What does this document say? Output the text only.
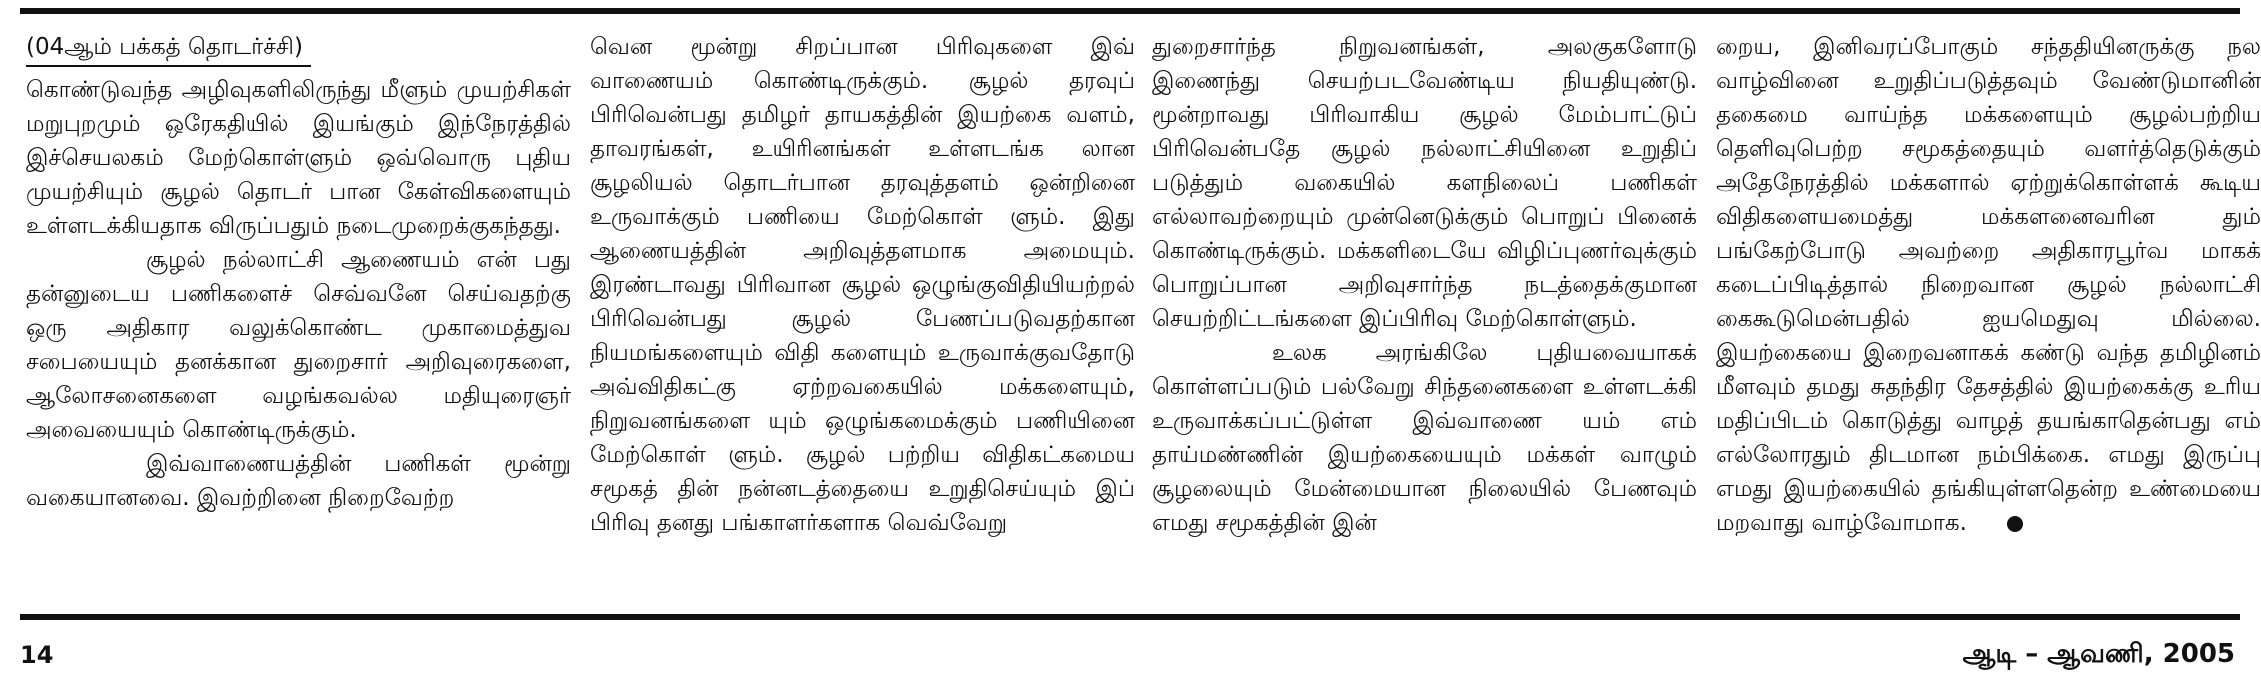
(04ஆம் பக்கத் தொடர்ச்சி)

கொண்டுவந்த அழிவுகளிலிருந்து மீளும் முயற்சிகள் மறுபுறமும் ஒரேகதியில் இயங்கும் இந்நேரத்தில் இச்செயலகம் மேற்கொள்ளும் ஒவ்வொரு புதிய முயற்சியும் சூழல் தொடர் பான கேள்விகளையும் உள்ளடக்கியதாக விருப்பதும் நடைமுறைக்குகந்தது.

சூழல் நல்லாட்சி ஆணையம் என் பது தன்னுடைய பணிகளைச் செவ்வனே செய்வதற்கு ஒரு அதிகார வலுக்கொண்ட முகாமைத்துவ சபையையும் தனக்கான துறைசார் அறிவுரைகளை, ஆலோசனைகளை வழங்கவல்ல மதியுரைஞர் அவையையும் கொண்டிருக்கும்.

இவ்வாணையத்தின் பணிகள் மூன்று வகையானவை. இவற்றினை நிறைவேற்ற

வென மூன்று சிறப்பான பிரிவுகளை இவ் வாணையம் கொண்டிருக்கும். சூழல் தரவுப் பிரிவென்பது தமிழர் தாயகத்தின் இயற்கை வளம், தாவரங்கள், உயிரினங்கள் உள்ளடங்க லான சூழலியல் தொடர்பான தரவுத்தளம் ஒன்றினை உருவாக்கும் பணியை மேற்கொள் ளும். இது ஆணையத்தின் அறிவுத்தளமாக அமையும். இரண்டாவது பிரிவான சூழல் ஒழுங்குவிதியியற்றல் பிரிவென்பது சூழல் பேணப்படுவதற்கான நியமங்களையும் விதி களையும் உருவாக்குவதோடு அவ்விதிகட்கு ஏற்றவகையில் மக்களையும், நிறுவனங்களை யும் ஒழுங்கமைக்கும் பணியினை மேற்கொள் ளும். சூழல் பற்றிய விதிகட்கமைய சமூகத் தின் நன்னடத்தையை உறுதிசெய்யும் இப் பிரிவு தனது பங்காளர்களாக வெவ்வேறு

துறைசார்ந்த நிறுவனங்கள், அலகுகளோடு இணைந்து செயற்படவேண்டிய நியதியுண்டு. மூன்றாவது பிரிவாகிய சூழல் மேம்பாட்டுப் பிரிவென்பதே சூழல் நல்லாட்சியினை உறுதிப் படுத்தும் வகையில் களநிலைப் பணிகள் எல்லாவற்றையும் முன்னெடுக்கும் பொறுப் பினைக் கொண்டிருக்கும். மக்களிடையே விழிப்புணர்வுக்கும் பொறுப்பான அறிவுசார்ந்த நடத்தைக்குமான செயற்றிட்டங்களை இப்பிரிவு மேற்கொள்ளும்.

உலக அரங்கிலே புதியவையாகக் கொள்ளப்படும் பல்வேறு சிந்தனைகளை உள்ளடக்கி உருவாக்கப்பட்டுள்ள இவ்வாணை யம் எம் தாய்மண்ணின் இயற்கையையும் மக்கள் வாழும் சூழலையும் மேன்மையான நிலையில் பேணவும் எமது சமூகத்தின் இன்

றைய, இனிவரப்போகும் சந்ததியினருக்கு நல வாழ்வினை உறுதிப்படுத்தவும் வேண்டுமானின் தகைமை வாய்ந்த மக்களையும் சூழல்பற்றிய தெளிவுபெற்ற சமூகத்தையும் வளர்த்தெடுக்கும் அதேநேரத்தில் மக்களால் ஏற்றுக்கொள்ளக் கூடிய விதிகளையமைத்து மக்களனைவரின தும் பங்கேற்போடு அவற்றை அதிகாரபூர்வ மாகக் கடைப்பிடித்தால் நிறைவான சூழல் நல்லாட்சி கைகூடுமென்பதில் ஐயமெதுவு மில்லை. இயற்கையை இறைவனாகக் கண்டு வந்த தமிழினம் மீளவும் தமது சுதந்திர தேசத்தில் இயற்கைக்கு உரிய மதிப்பிடம் கொடுத்து வாழத் தயங்காதென்பது எம் எல்லோரதும் திடமான நம்பிக்கை. எமது இருப்பு எமது இயற்கையில் தங்கியுள்ளதென்ற உண்மையை மறவாது வாழ்வோமாக.

14	ஆடி – ஆவணி, 2005
